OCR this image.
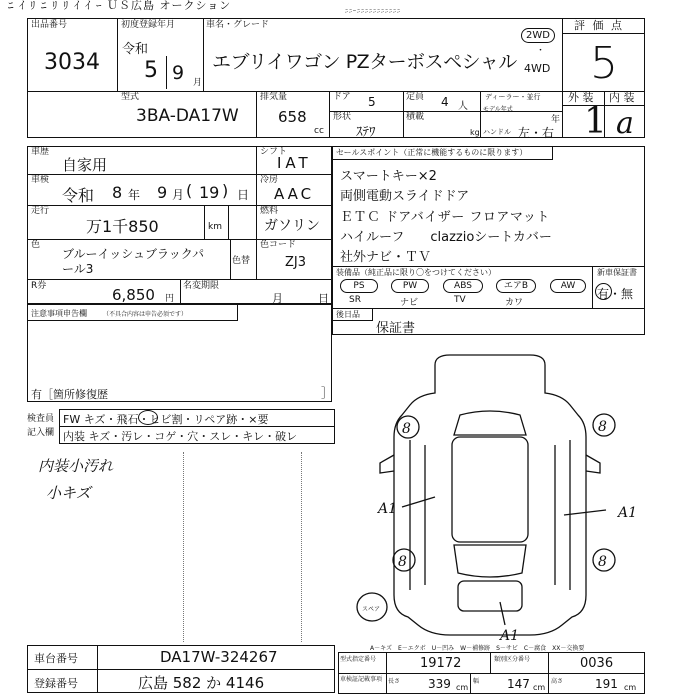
ﾆ ｲ ﾘ ﾆ ﾘ ﾘ ｲ ｲ ｰ ＵＳ広島 オークション	ﾆﾆｰﾆﾆﾆﾆﾆﾆﾆﾆﾆﾆﾆ
出品番号
3034
初度登録年月
令和
5 9 月
車名・グレード
エブリイワゴン PZターボスペシャル
2WD
・
4WD
評 価 点
5
外 装 内 装
1 a
型式
3BA-DA17W
排気量
658
cc
ドア 5	定員 4 人
ディーラー・並行
モデル年式
年
形状
ｽﾃﾜ
積載
kg ハンドル 左・右
車歴
自家用
シフト
IAT
車検
令和 8 年 9 月 ( 19 ) 日
冷房
AAC
走行
万1千850	km
燃料
ガソリン
色
ブルーイッシュブラックパ
ール3
色替
色コード
ZJ3
R券	6,850 円
名変期限
月	日
セールスポイント（正常に機能するものに限ります）
スマートキー×2
両側電動スライドドア
ＥＴＣ ドアバイザー フロアマット
ハイルーフ　　clazzioシートカバー
社外ナビ・ＴＶ
装備品（純正品に限り〇をつけてください）	新車保証書
有・無
PS
SR
PW
ナビ
ABS
TV
エアB
カワ
AW
後日品
保証書
注意事項申告欄	（不具合内容は申告必須です）
有［箇所 修復歴	］
検査員
記入欄
FW キズ・飛石・ヒビ割・リペア跡・×要
内装 キズ・汚レ・コゲ・穴・スレ・キレ・破レ
内装小汚れ
小キズ
8	8
8	8
A1	A1
A1
スペア
A－キズ　E－エクボ　U－凹み　W－補修跡　S－サビ　C－腐食　XX－交換要
車台番号	DA17W-324267
登録番号	広島 582 か 4146
型式指定番号	19172	類別区分番号	0036
車検証記載事項 長さ 339 cm
幅 147 cm
高さ	191 cm
